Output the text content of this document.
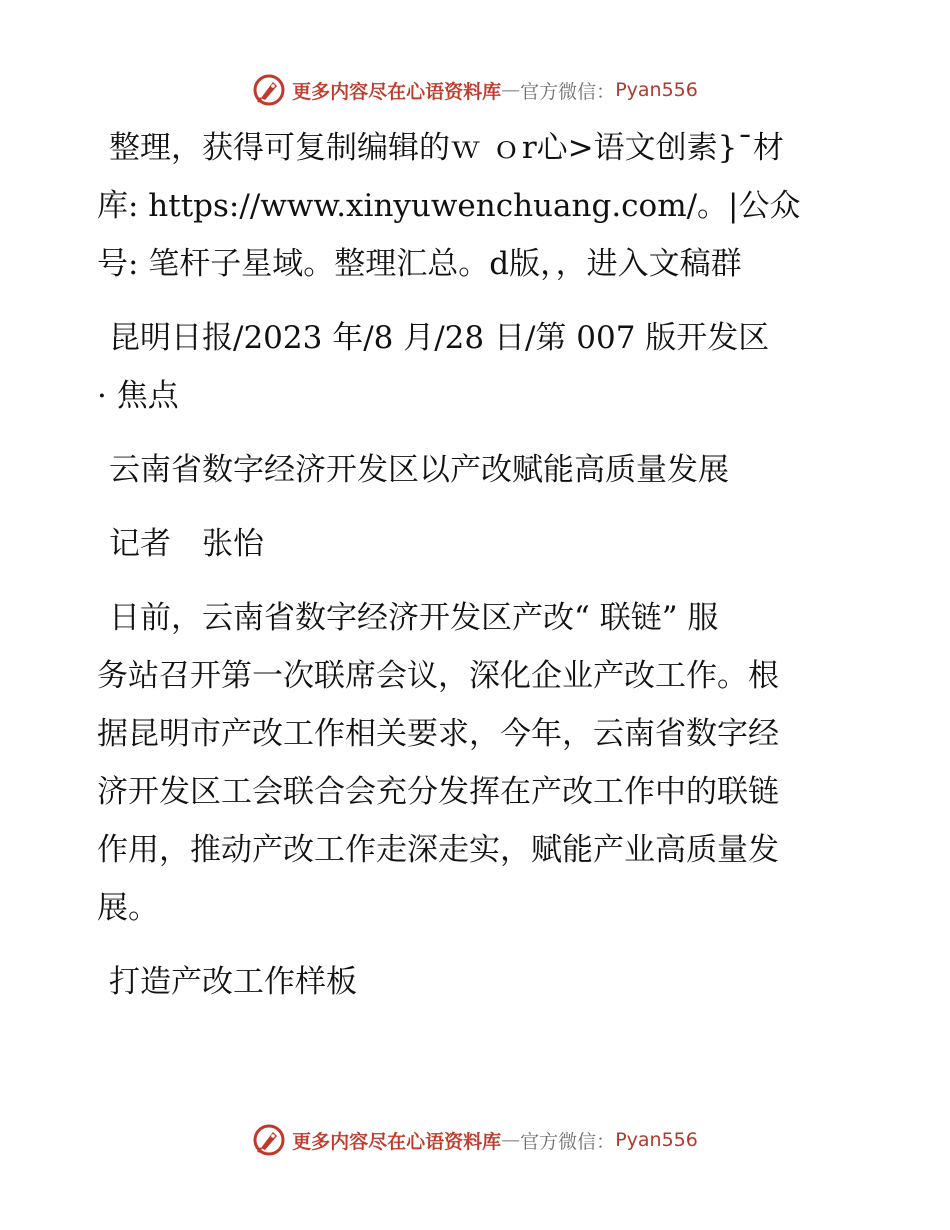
更多内容尽在心语资料库 — 官方微信： Pyan556
整理，获得可复制编辑的ｗ ｏr心>语文创素}¯材
库: https://www.xinyuwenchuang.com/。|公众
号: 笔杆子星域。整理汇总。d版，，进入文稿群
昆明日报/2023 年/8 月/28 日/第 007 版开发区
· 焦点
云南省数字经济开发区以产改赋能高质量发展
记者　张怡
日前，云南省数字经济开发区产改“ 联链” 服
务站召开第一次联席会议，深化企业产改工作。根
据昆明市产改工作相关要求，今年，云南省数字经
济开发区工会联合会充分发挥在产改工作中的联链
作用，推动产改工作走深走实，赋能产业高质量发
展。
打造产改工作样板
更多内容尽在心语资料库 — 官方微信： Pyan556
